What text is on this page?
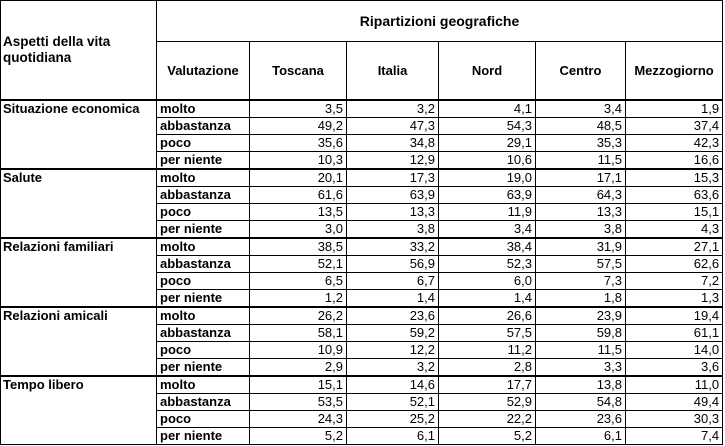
Aspetti della vita quotidiana	Ripartizioni geografiche					
	Valutazione	Toscana	Italia	Nord	Centro	Mezzogiorno
Situazione economica	molto	3,5	3,2	4,1	3,4	1,9
	abbastanza	49,2	47,3	54,3	48,5	37,4
	poco	35,6	34,8	29,1	35,3	42,3
	per niente	10,3	12,9	10,6	11,5	16,6
Salute	molto	20,1	17,3	19,0	17,1	15,3
	abbastanza	61,6	63,9	63,9	64,3	63,6
	poco	13,5	13,3	11,9	13,3	15,1
	per niente	3,0	3,8	3,4	3,8	4,3
Relazioni familiari	molto	38,5	33,2	38,4	31,9	27,1
	abbastanza	52,1	56,9	52,3	57,5	62,6
	poco	6,5	6,7	6,0	7,3	7,2
	per niente	1,2	1,4	1,4	1,8	1,3
Relazioni amicali	molto	26,2	23,6	26,6	23,9	19,4
	abbastanza	58,1	59,2	57,5	59,8	61,1
	poco	10,9	12,2	11,2	11,5	14,0
	per niente	2,9	3,2	2,8	3,3	3,6
Tempo libero	molto	15,1	14,6	17,7	13,8	11,0
	abbastanza	53,5	52,1	52,9	54,8	49,4
	poco	24,3	25,2	22,2	23,6	30,3
	per niente	5,2	6,1	5,2	6,1	7,4
